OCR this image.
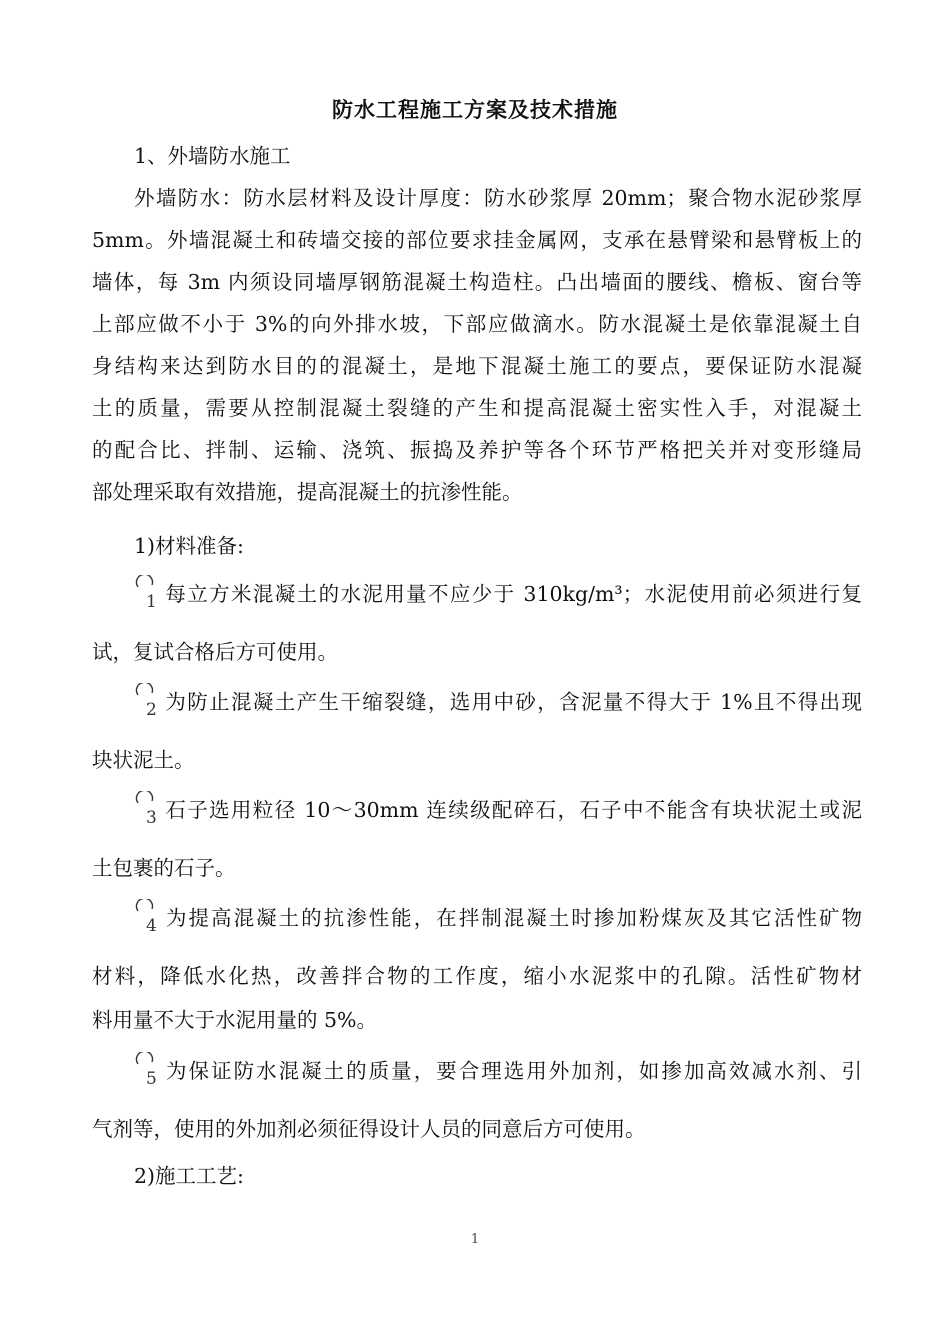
防水工程施工方案及技术措施
1、外墙防水施工
外墙防水：防水层材料及设计厚度：防水砂浆厚 20mm；聚合物水泥砂浆厚
5mm。外墙混凝土和砖墙交接的部位要求挂金属网，支承在悬臂梁和悬臂板上的
墙体，每 3m 内须设同墙厚钢筋混凝土构造柱。凸出墙面的腰线、檐板、窗台等
上部应做不小于 3%的向外排水坡，下部应做滴水。防水混凝土是依靠混凝土自
身结构来达到防水目的的混凝土，是地下混凝土施工的要点，要保证防水混凝
土的质量，需要从控制混凝土裂缝的产生和提高混凝土密实性入手，对混凝土
的配合比、拌制、运输、浇筑、振捣及养护等各个环节严格把关并对变形缝局
部处理采取有效措施，提高混凝土的抗渗性能。
1)材料准备:
1 每立方米混凝土的水泥用量不应少于 310kg/m³；水泥使用前必须进行复
试，复试合格后方可使用。
2 为防止混凝土产生干缩裂缝，选用中砂，含泥量不得大于 1%且不得出现
块状泥土。
3 石子选用粒径 10～30mm 连续级配碎石，石子中不能含有块状泥土或泥
土包裹的石子。
4 为提高混凝土的抗渗性能，在拌制混凝土时掺加粉煤灰及其它活性矿物
材料，降低水化热，改善拌合物的工作度，缩小水泥浆中的孔隙。活性矿物材
料用量不大于水泥用量的 5%。
5 为保证防水混凝土的质量，要合理选用外加剂，如掺加高效减水剂、引
气剂等，使用的外加剂必须征得设计人员的同意后方可使用。
2)施工工艺:
1
